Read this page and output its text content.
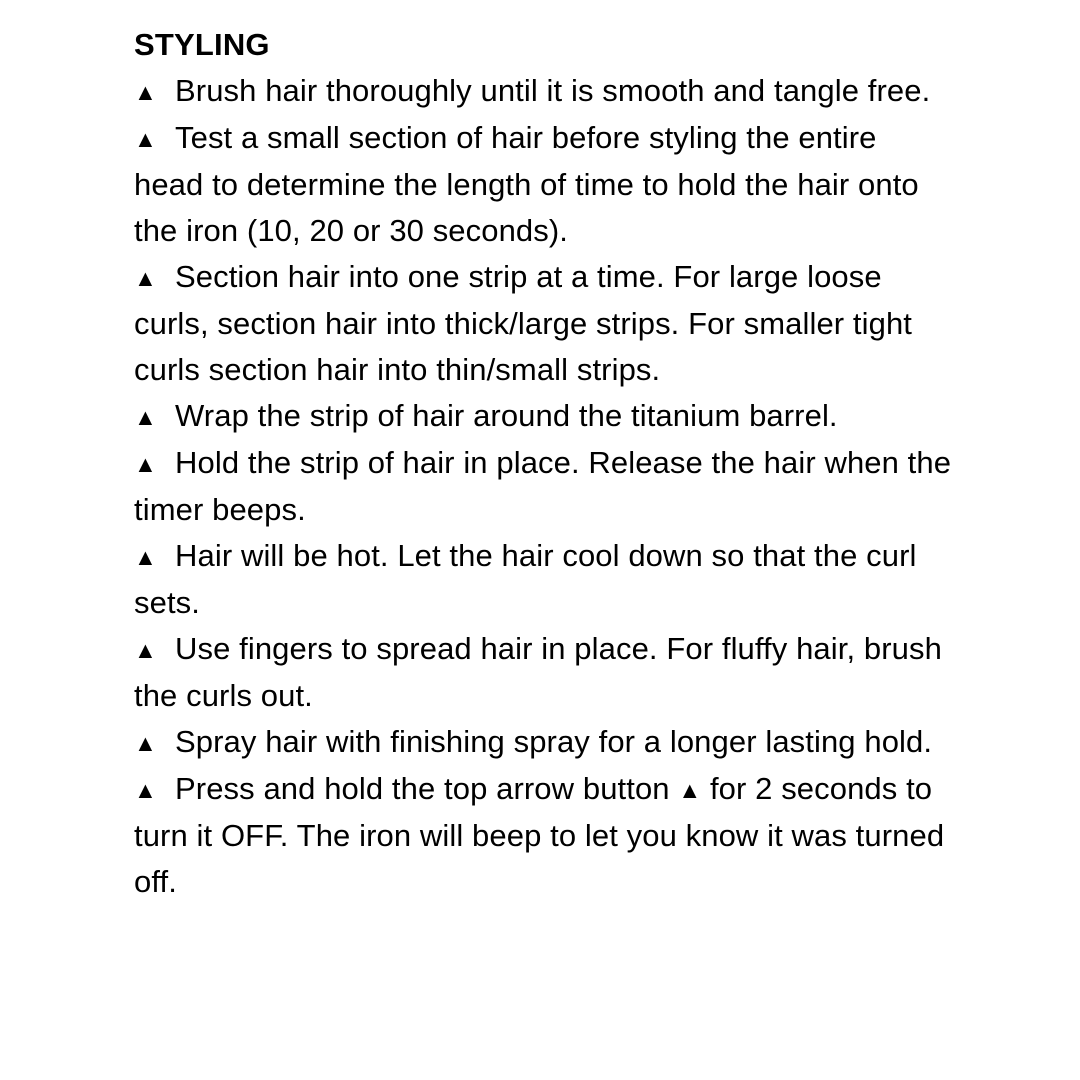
STYLING
▲ Brush hair thoroughly until it is smooth and tangle free.
▲ Test a small section of hair before styling the entire head to determine the length of time to hold the hair onto the iron (10, 20 or 30 seconds).
▲ Section hair into one strip at a time. For large loose curls, section hair into thick/large strips. For smaller tight curls section hair into thin/small strips.
▲ Wrap the strip of hair around the titanium barrel.
▲ Hold the strip of hair in place. Release the hair when the timer beeps.
▲ Hair will be hot. Let the hair cool down so that the curl sets.
▲ Use fingers to spread hair in place. For fluffy hair, brush the curls out.
▲ Spray hair with finishing spray for a longer lasting hold.
▲ Press and hold the top arrow button ▲ for 2 seconds to turn it OFF. The iron will beep to let you know it was turned off.
